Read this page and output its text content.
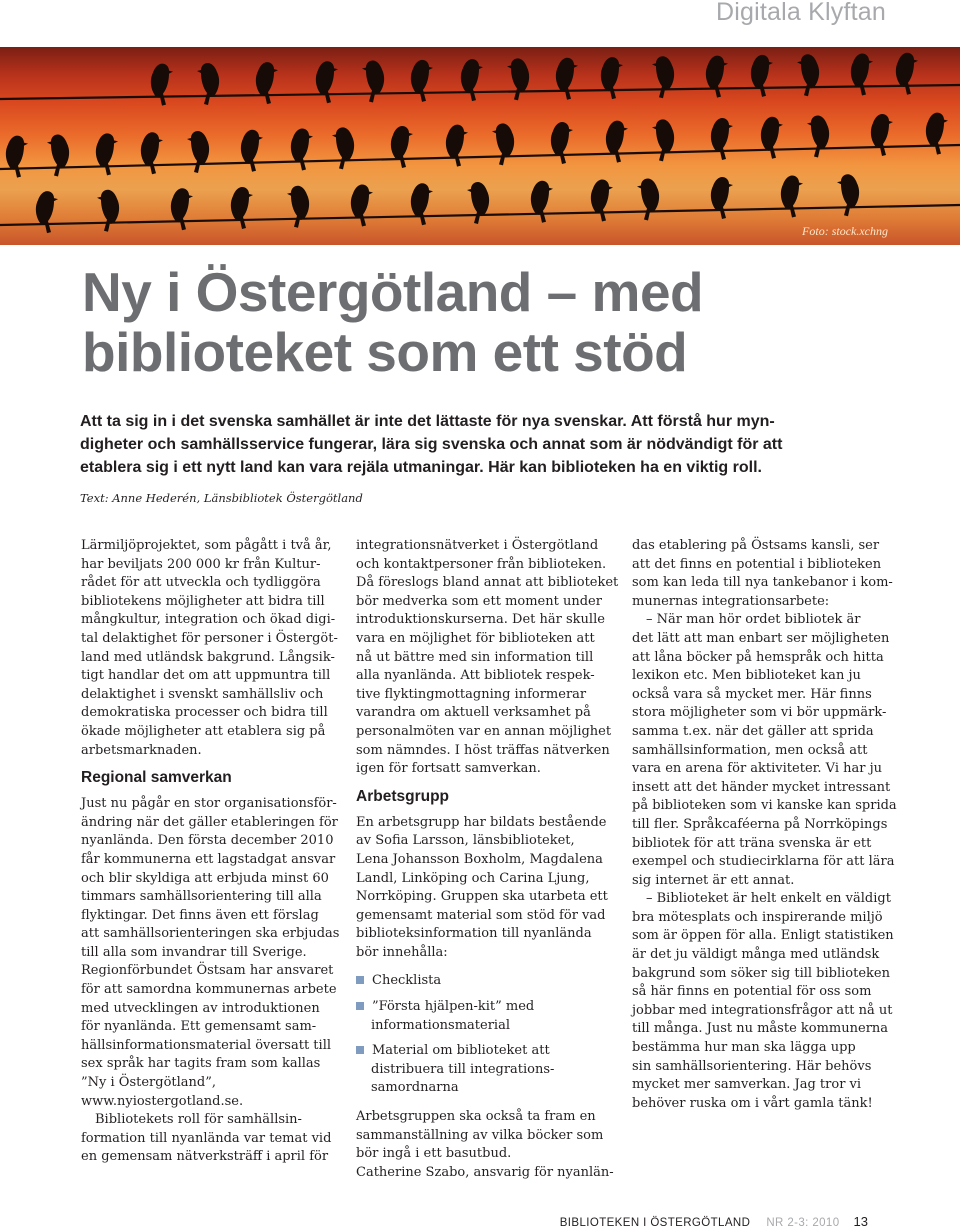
Digitala Klyftan
Foto: stock.xchng
Ny i Östergötland – med
biblioteket som ett stöd
Att ta sig in i det svenska samhället är inte det lättaste för nya svenskar. Att förstå hur myn-
digheter och samhällsservice fungerar, lära sig svenska och annat som är nödvändigt för att
etablera sig i ett nytt land kan vara rejäla utmaningar. Här kan biblioteken ha en viktig roll.
Text: Anne Hederén, Länsbibliotek Östergötland
Lärmiljöprojektet, som pågått i två år,
har beviljats 200 000 kr från Kultur-
rådet för att utveckla och tydliggöra
bibliotekens möjligheter att bidra till
mångkultur, integration och ökad digi-
tal delaktighet för personer i Östergöt-
land med utländsk bakgrund. Långsik-
tigt handlar det om att uppmuntra till
delaktighet i svenskt samhällsliv och
demokratiska processer och bidra till
ökade möjligheter att etablera sig på
arbetsmarknaden.
Regional samverkan
Just nu pågår en stor organisationsför-
ändring när det gäller etableringen för
nyanlända. Den första december 2010
får kommunerna ett lagstadgat ansvar
och blir skyldiga att erbjuda minst 60
timmars samhällsorientering till alla
flyktingar. Det finns även ett förslag
att samhällsorienteringen ska erbjudas
till alla som invandrar till Sverige.
Regionförbundet Östsam har ansvaret
för att samordna kommunernas arbete
med utvecklingen av introduktionen
för nyanlända. Ett gemensamt sam-
hällsinformationsmaterial översatt till
sex språk har tagits fram som kallas
”Ny i Östergötland”,
www.nyiostergotland.se.
Bibliotekets roll för samhällsin-
formation till nyanlända var temat vid
en gemensam nätverksträff i april för
integrationsnätverket i Östergötland
och kontaktpersoner från biblioteken.
Då föreslogs bland annat att biblioteket
bör medverka som ett moment under
introduktionskurserna. Det här skulle
vara en möjlighet för biblioteken att
nå ut bättre med sin information till
alla nyanlända. Att bibliotek respek-
tive flyktingmottagning informerar
varandra om aktuell verksamhet på
personalmöten var en annan möjlighet
som nämndes. I höst träffas nätverken
igen för fortsatt samverkan.
Arbetsgrupp
En arbetsgrupp har bildats bestående
av Sofia Larsson, länsbiblioteket,
Lena Johansson Boxholm, Magdalena
Landl, Linköping och Carina Ljung,
Norrköping. Gruppen ska utarbeta ett
gemensamt material som stöd för vad
biblioteksinformation till nyanlända
bör innehålla:
Checklista
”Första hjälpen-kit” med
informationsmaterial
Material om biblioteket att
distribuera till integrations-
samordnarna
Arbetsgruppen ska också ta fram en
sammanställning av vilka böcker som
bör ingå i ett basutbud.
Catherine Szabo, ansvarig för nyanlän-
das etablering på Östsams kansli, ser
att det finns en potential i biblioteken
som kan leda till nya tankebanor i kom-
munernas integrationsarbete:
– När man hör ordet bibliotek är
det lätt att man enbart ser möjligheten
att låna böcker på hemspråk och hitta
lexikon etc. Men biblioteket kan ju
också vara så mycket mer. Här finns
stora möjligheter som vi bör uppmärk-
samma t.ex. när det gäller att sprida
samhällsinformation, men också att
vara en arena för aktiviteter. Vi har ju
insett att det händer mycket intressant
på biblioteken som vi kanske kan sprida
till fler. Språkcaféerna på Norrköpings
bibliotek för att träna svenska är ett
exempel och studiecirklarna för att lära
sig internet är ett annat.
– Biblioteket är helt enkelt en väldigt
bra mötesplats och inspirerande miljö
som är öppen för alla. Enligt statistiken
är det ju väldigt många med utländsk
bakgrund som söker sig till biblioteken
så här finns en potential för oss som
jobbar med integrationsfrågor att nå ut
till många. Just nu måste kommunerna
bestämma hur man ska lägga upp
sin samhällsorientering. Här behövs
mycket mer samverkan. Jag tror vi
behöver ruska om i vårt gamla tänk!
BIBLIOTEKEN I ÖSTERGÖTLAND NR 2-3: 2010 13
